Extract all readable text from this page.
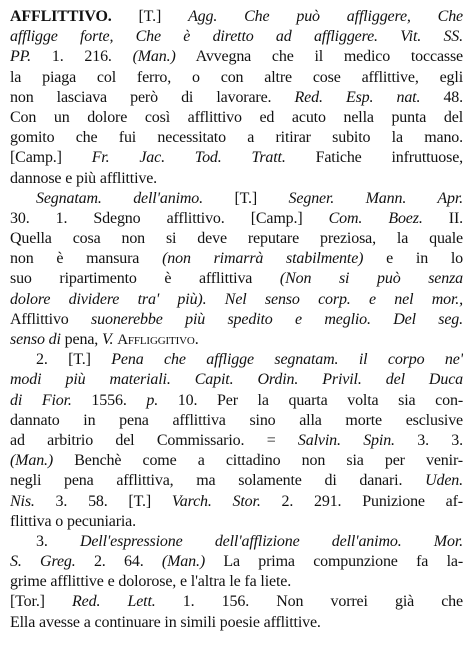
AFFLITTIVO. [T.] Agg. Che può affliggere, Che
affligge forte, Che è diretto ad affliggere. Vit. SS.
PP. 1. 216. (Man.) Avvegna che il medico toccasse
la piaga col ferro, o con altre cose afflittive, egli
non lasciava però di lavorare. Red. Esp. nat. 48.
Con un dolore così afflittivo ed acuto nella punta del
gomito che fui necessitato a ritirar subito la mano.
[Camp.] Fr. Jac. Tod. Tratt. Fatiche infruttuose,
dannose e più afflittive.
Segnatam. dell'animo. [T.] Segner. Mann. Apr.
30. 1. Sdegno afflittivo. [Camp.] Com. Boez. II.
Quella cosa non si deve reputare preziosa, la quale
non è mansura (non rimarrà stabilmente) e in lo
suo ripartimento è afflittiva (Non si può senza
dolore dividere tra' più). Nel senso corp. e nel mor.,
Afflittivo suonerebbe più spedito e meglio. Del seg.
senso di pena, V. Affliggitivo.
2. [T.] Pena che affligge segnatam. il corpo ne'
modi più materiali. Capit. Ordin. Privil. del Duca
di Fior. 1556. p. 10. Per la quarta volta sia con-
dannato in pena afflittiva sino alla morte esclusive
ad arbitrio del Commissario. = Salvin. Spin. 3. 3.
(Man.) Benchè come a cittadino non sia per venir-
negli pena afflittiva, ma solamente di danari. Uden.
Nis. 3. 58. [T.] Varch. Stor. 2. 291. Punizione af-
flittiva o pecuniaria.
3. Dell'espressione dell'afflizione dell'animo. Mor.
S. Greg. 2. 64. (Man.) La prima compunzione fa la-
grime afflittive e dolorose, e l'altra le fa liete.
[Tor.] Red. Lett. 1. 156. Non vorrei già che
Ella avesse a continuare in simili poesie afflittive.
